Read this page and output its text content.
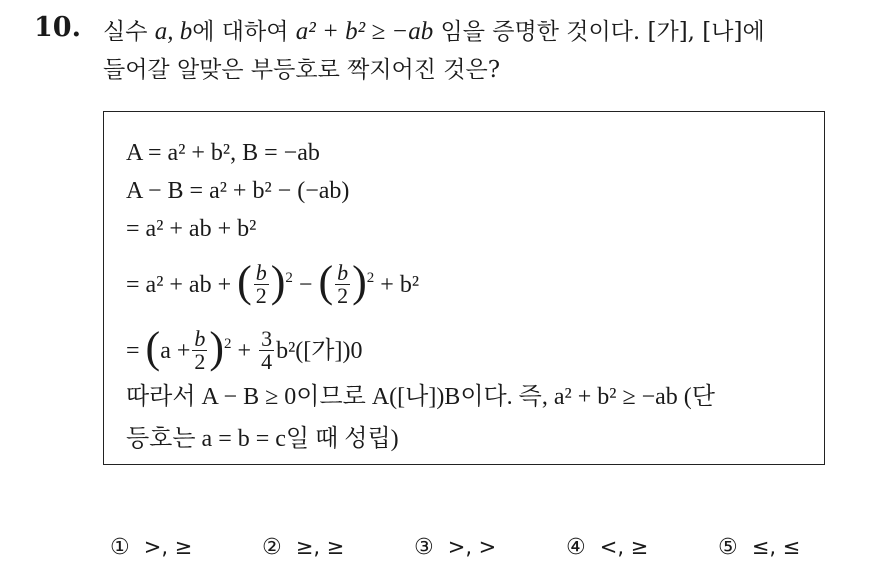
10. 실수 a, b에 대하여 a² + b² ≥ −ab 임을 증명한 것이다. [가], [나]에
들어갈 알맞은 부등호로 짝지어진 것은?
A = a² + b², B = −ab
A − B = a² + b² − (−ab)
= a² + ab + b²
= a² + ab + ( $\frac{b}{2} )^2$ − ( $\frac{b}{2} )^2 + b^2$
= $(a + \frac{b}{2} )^2 + \frac{3}{4} b^2$([가])0
따라서 A − B ≥ 0이므로 A([나])B이다. 즉, a² + b² ≥ −ab (단
등호는 a = b = c일 때 성립)
① >, ≥	② ≥, ≥	③ >, >	④ <, ≥	⑤ ≤, ≤
